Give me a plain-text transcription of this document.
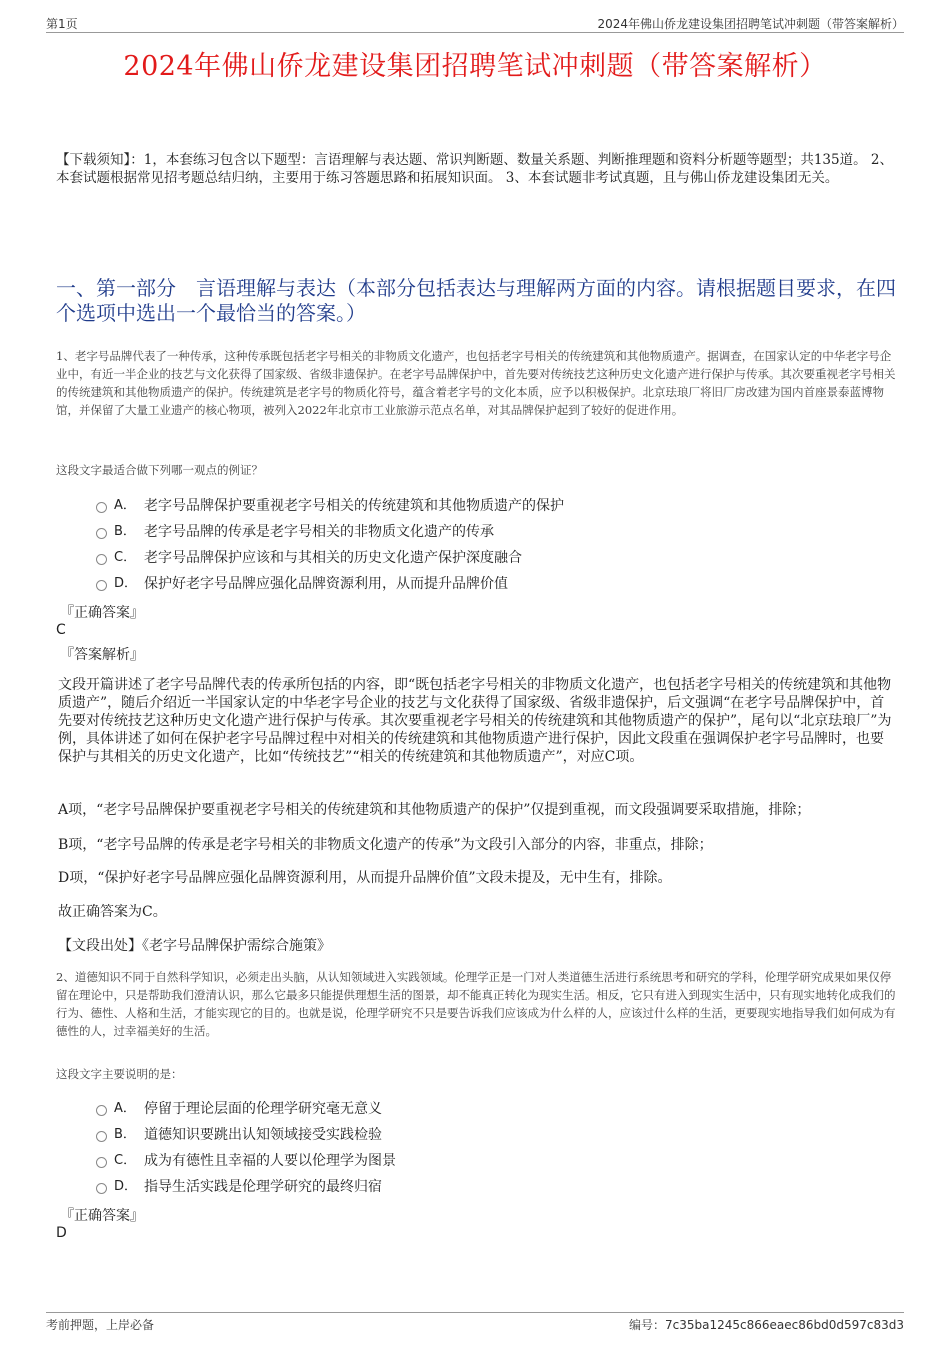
第1页	2024年佛山侨龙建设集团招聘笔试冲刺题（带答案解析）
2024年佛山侨龙建设集团招聘笔试冲刺题（带答案解析）
【下载须知】：1，本套练习包含以下题型：言语理解与表达题、常识判断题、数量关系题、判断推理题和资料分析题等题型；共135道。 2、本套试题根据常见招考题总结归纳，主要用于练习答题思路和拓展知识面。 3、本套试题非考试真题，且与佛山侨龙建设集团无关。
一、第一部分　言语理解与表达（本部分包括表达与理解两方面的内容。请根据题目要求，在四个选项中选出一个最恰当的答案。）
1、老字号品牌代表了一种传承，这种传承既包括老字号相关的非物质文化遗产，也包括老字号相关的传统建筑和其他物质遗产。据调查，在国家认定的中华老字号企业中，有近一半企业的技艺与文化获得了国家级、省级非遗保护。在老字号品牌保护中，首先要对传统技艺这种历史文化遗产进行保护与传承。其次要重视老字号相关的传统建筑和其他物质遗产的保护。传统建筑是老字号的物质化符号，蕴含着老字号的文化本质，应予以积极保护。北京珐琅厂将旧厂房改建为国内首座景泰蓝博物馆，并保留了大量工业遗产的核心物项，被列入2022年北京市工业旅游示范点名单，对其品牌保护起到了较好的促进作用。
这段文字最适合做下列哪一观点的例证？
A． 老字号品牌保护要重视老字号相关的传统建筑和其他物质遗产的保护
B． 老字号品牌的传承是老字号相关的非物质文化遗产的传承
C． 老字号品牌保护应该和与其相关的历史文化遗产保护深度融合
D． 保护好老字号品牌应强化品牌资源利用，从而提升品牌价值
『正确答案』
C
『答案解析』
文段开篇讲述了老字号品牌代表的传承所包括的内容，即“既包括老字号相关的非物质文化遗产，也包括老字号相关的传统建筑和其他物质遗产”，随后介绍近一半国家认定的中华老字号企业的技艺与文化获得了国家级、省级非遗保护，后文强调“在老字号品牌保护中，首先要对传统技艺这种历史文化遗产进行保护与传承。其次要重视老字号相关的传统建筑和其他物质遗产的保护”，尾句以“北京珐琅厂”为例，具体讲述了如何在保护老字号品牌过程中对相关的传统建筑和其他物质遗产进行保护，因此文段重在强调保护老字号品牌时，也要保护与其相关的历史文化遗产，比如“传统技艺”“相关的传统建筑和其他物质遗产”，对应C项。
A项，“老字号品牌保护要重视老字号相关的传统建筑和其他物质遗产的保护”仅提到重视，而文段强调要采取措施，排除；
B项，“老字号品牌的传承是老字号相关的非物质文化遗产的传承”为文段引入部分的内容，非重点，排除；
D项，“保护好老字号品牌应强化品牌资源利用，从而提升品牌价值”文段未提及，无中生有，排除。
故正确答案为C。
【文段出处】《老字号品牌保护需综合施策》
2、道德知识不同于自然科学知识，必须走出头脑，从认知领域进入实践领域。伦理学正是一门对人类道德生活进行系统思考和研究的学科，伦理学研究成果如果仅停留在理论中，只是帮助我们澄清认识，那么它最多只能提供理想生活的图景，却不能真正转化为现实生活。相反，它只有进入到现实生活中，只有现实地转化成我们的行为、德性、人格和生活，才能实现它的目的。也就是说，伦理学研究不只是要告诉我们应该成为什么样的人，应该过什么样的生活，更要现实地指导我们如何成为有德性的人，过幸福美好的生活。
这段文字主要说明的是：
A． 停留于理论层面的伦理学研究毫无意义
B． 道德知识要跳出认知领域接受实践检验
C． 成为有德性且幸福的人要以伦理学为图景
D． 指导生活实践是伦理学研究的最终归宿
『正确答案』
D
考前押题，上岸必备	编号：7c35ba1245c866eaec86bd0d597c83d3
